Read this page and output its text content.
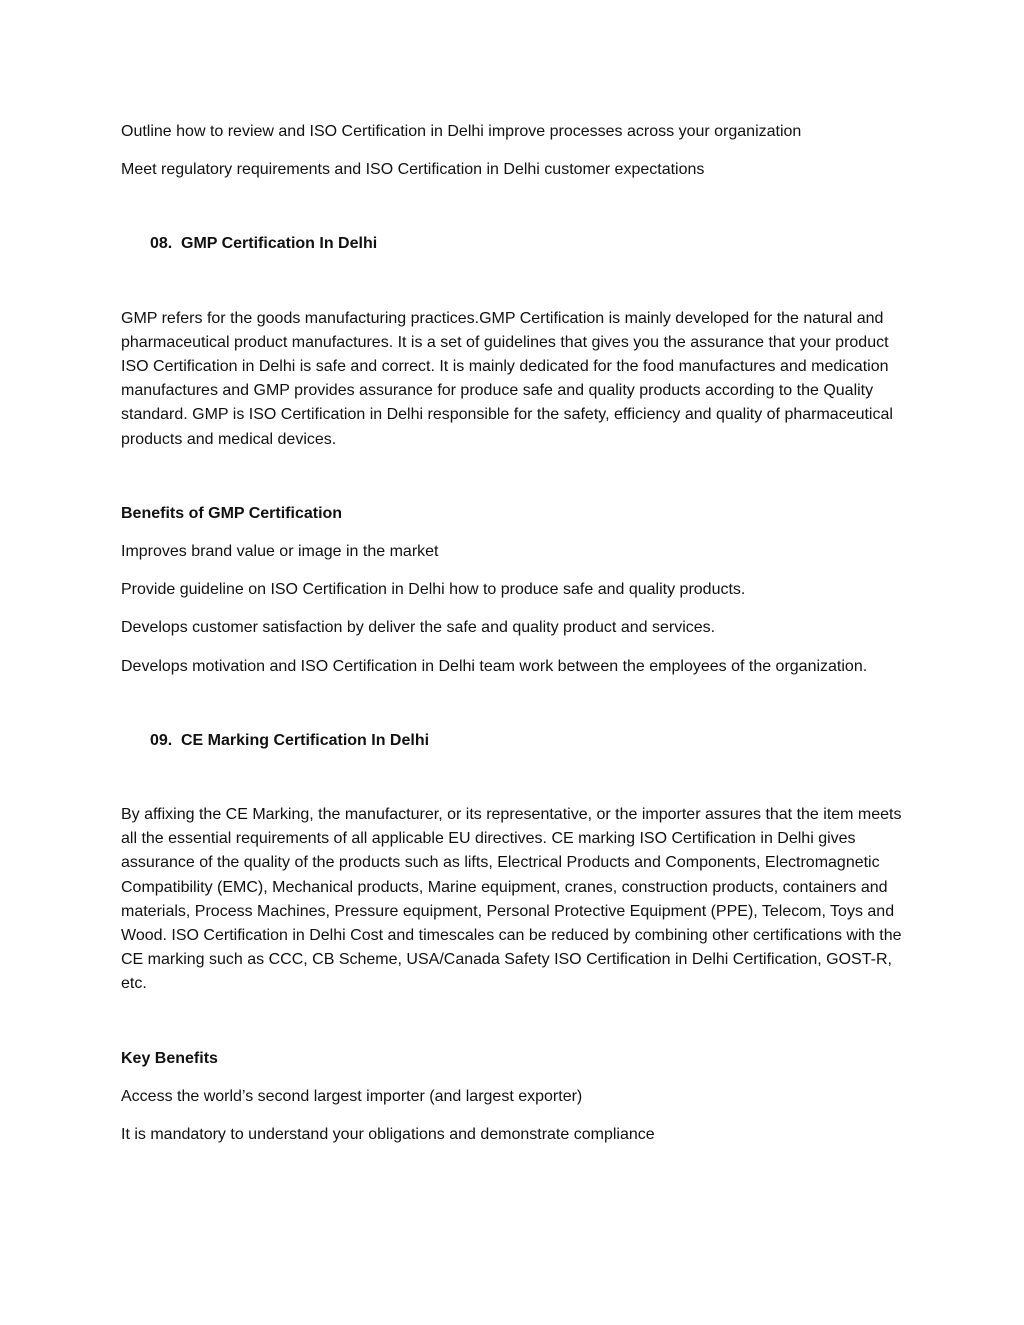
Outline how to review and ISO Certification in Delhi improve processes across your organization

Meet regulatory requirements and ISO Certification in Delhi customer expectations

08. GMP Certification In Delhi

GMP refers for the goods manufacturing practices.GMP Certification is mainly developed for the natural and pharmaceutical product manufactures. It is a set of guidelines that gives you the assurance that your product ISO Certification in Delhi is safe and correct. It is mainly dedicated for the food manufactures and medication manufactures and GMP provides assurance for produce safe and quality products according to the Quality standard. GMP is ISO Certification in Delhi responsible for the safety, efficiency and quality of pharmaceutical products and medical devices.

Benefits of GMP Certification

Improves brand value or image in the market

Provide guideline on ISO Certification in Delhi how to produce safe and quality products.

Develops customer satisfaction by deliver the safe and quality product and services.

Develops motivation and ISO Certification in Delhi team work between the employees of the organization.

09. CE Marking Certification In Delhi

By affixing the CE Marking, the manufacturer, or its representative, or the importer assures that the item meets all the essential requirements of all applicable EU directives. CE marking ISO Certification in Delhi gives assurance of the quality of the products such as lifts, Electrical Products and Components, Electromagnetic Compatibility (EMC), Mechanical products, Marine equipment, cranes, construction products, containers and materials, Process Machines, Pressure equipment, Personal Protective Equipment (PPE), Telecom, Toys and Wood. ISO Certification in Delhi Cost and timescales can be reduced by combining other certifications with the CE marking such as CCC, CB Scheme, USA/Canada Safety ISO Certification in Delhi Certification, GOST-R, etc.

Key Benefits

Access the world’s second largest importer (and largest exporter)

It is mandatory to understand your obligations and demonstrate compliance
